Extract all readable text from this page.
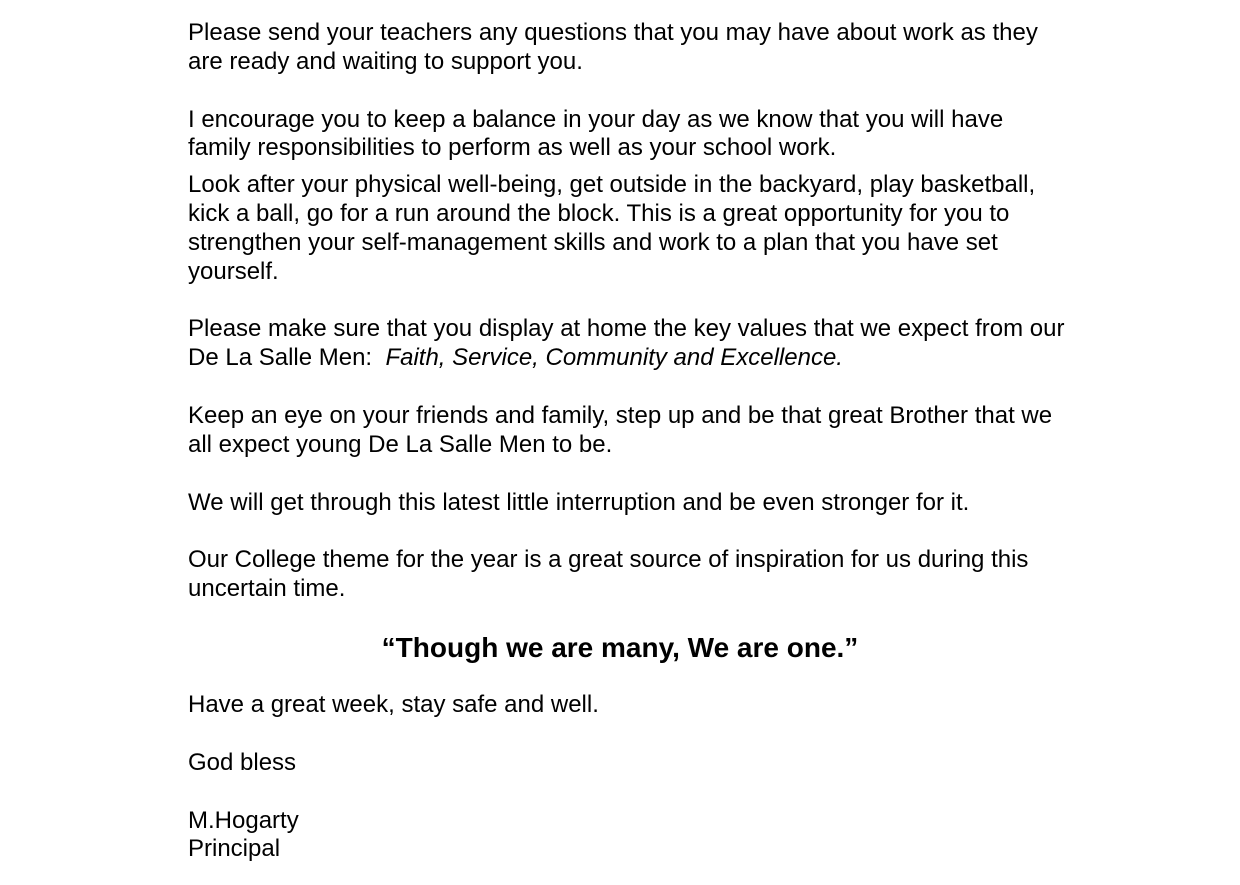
Please send your teachers any questions that you may have about work as they are ready and waiting to support you.

I encourage you to keep a balance in your day as we know that you will have family responsibilities to perform as well as your school work.

Look after your physical well-being, get outside in the backyard, play basketball, kick a ball, go for a run around the block. This is a great opportunity for you to strengthen your self-management skills and work to a plan that you have set yourself.

Please make sure that you display at home the key values that we expect from our De La Salle Men: Faith, Service, Community and Excellence.

Keep an eye on your friends and family, step up and be that great Brother that we all expect young De La Salle Men to be.

We will get through this latest little interruption and be even stronger for it.

Our College theme for the year is a great source of inspiration for us during this uncertain time.

“Though we are many, We are one.”

Have a great week, stay safe and well.

God bless

M.Hogarty

Principal
